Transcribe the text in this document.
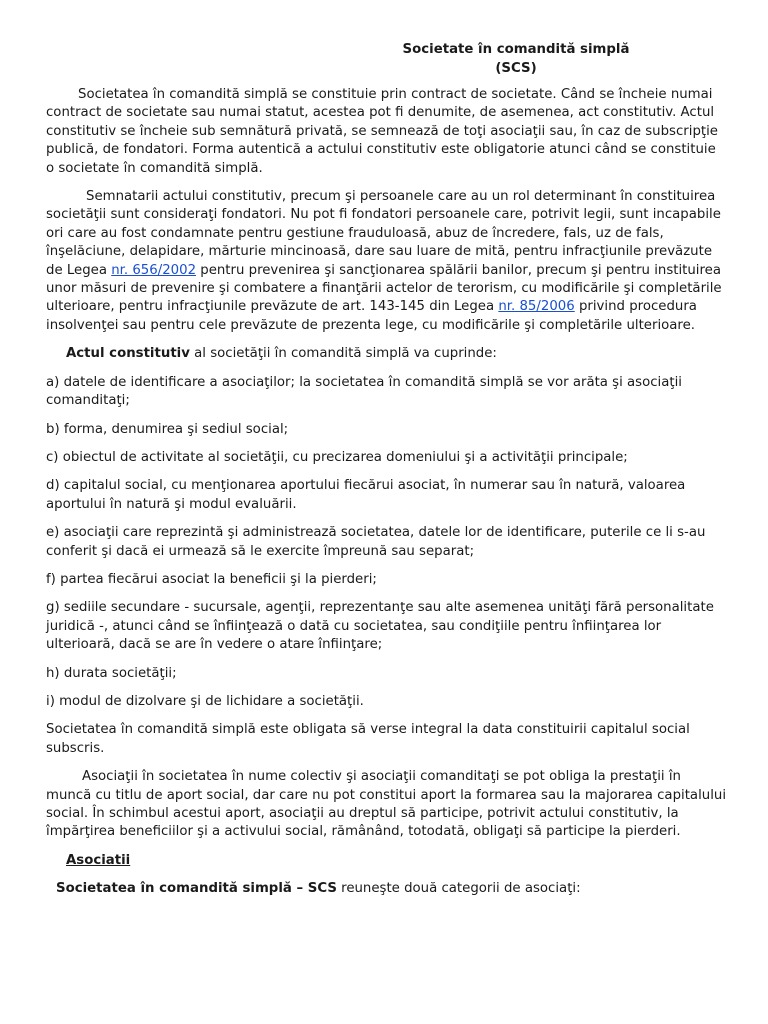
Societate în comandită simplă
(SCS)

Societatea în comandită simplă se constituie prin contract de societate. Când se încheie numai contract de societate sau numai statut, acestea pot fi denumite, de asemenea, act constitutiv. Actul constitutiv se încheie sub semnătură privată, se semnează de toţi asociaţii sau, în caz de subscripţie publică, de fondatori. Forma autentică a actului constitutiv este obligatorie atunci când se constituie o societate în comandită simplă.

Semnatarii actului constitutiv, precum şi persoanele care au un rol determinant în constituirea societăţii sunt consideraţi fondatori. Nu pot fi fondatori persoanele care, potrivit legii, sunt incapabile ori care au fost condamnate pentru gestiune frauduloasă, abuz de încredere, fals, uz de fals, înşelăciune, delapidare, mărturie mincinoasă, dare sau luare de mită, pentru infracţiunile prevăzute de Legea nr. 656/2002 pentru prevenirea şi sancţionarea spălării banilor, precum şi pentru instituirea unor măsuri de prevenire şi combatere a finanţării actelor de terorism, cu modificările şi completările ulterioare, pentru infracţiunile prevăzute de art. 143-145 din Legea nr. 85/2006 privind procedura insolvenţei sau pentru cele prevăzute de prezenta lege, cu modificările şi completările ulterioare.

Actul constitutiv al societăţii în comandită simplă va cuprinde:

a) datele de identificare a asociaţilor; la societatea în comandită simplă se vor arăta şi asociaţii comanditaţi;

b) forma, denumirea şi sediul social;

c) obiectul de activitate al societăţii, cu precizarea domeniului şi a activităţii principale;

d) capitalul social, cu menţionarea aportului fiecărui asociat, în numerar sau în natură, valoarea aportului în natură şi modul evaluării.

e) asociaţii care reprezintă şi administrează societatea, datele lor de identificare, puterile ce li s-au conferit şi dacă ei urmează să le exercite împreună sau separat;

f) partea fiecărui asociat la beneficii şi la pierderi;

g) sediile secundare - sucursale, agenţii, reprezentanţe sau alte asemenea unităţi fără personalitate juridică -, atunci când se înfiinţează o dată cu societatea, sau condiţiile pentru înfiinţarea lor ulterioară, dacă se are în vedere o atare înfiinţare;

h) durata societăţii;

i) modul de dizolvare şi de lichidare a societăţii.

Societatea în comandită simplă este obligata să verse integral la data constituirii capitalul social subscris.

Asociaţii în societatea în nume colectiv şi asociaţii comanditaţi se pot obliga la prestaţii în muncă cu titlu de aport social, dar care nu pot constitui aport la formarea sau la majorarea capitalului social. În schimbul acestui aport, asociaţii au dreptul să participe, potrivit actului constitutiv, la împărţirea beneficiilor şi a activului social, rămânând, totodată, obligaţi să participe la pierderi.

Asociatii

Societatea în comandită simplă – SCS reuneşte două categorii de asociaţi:
